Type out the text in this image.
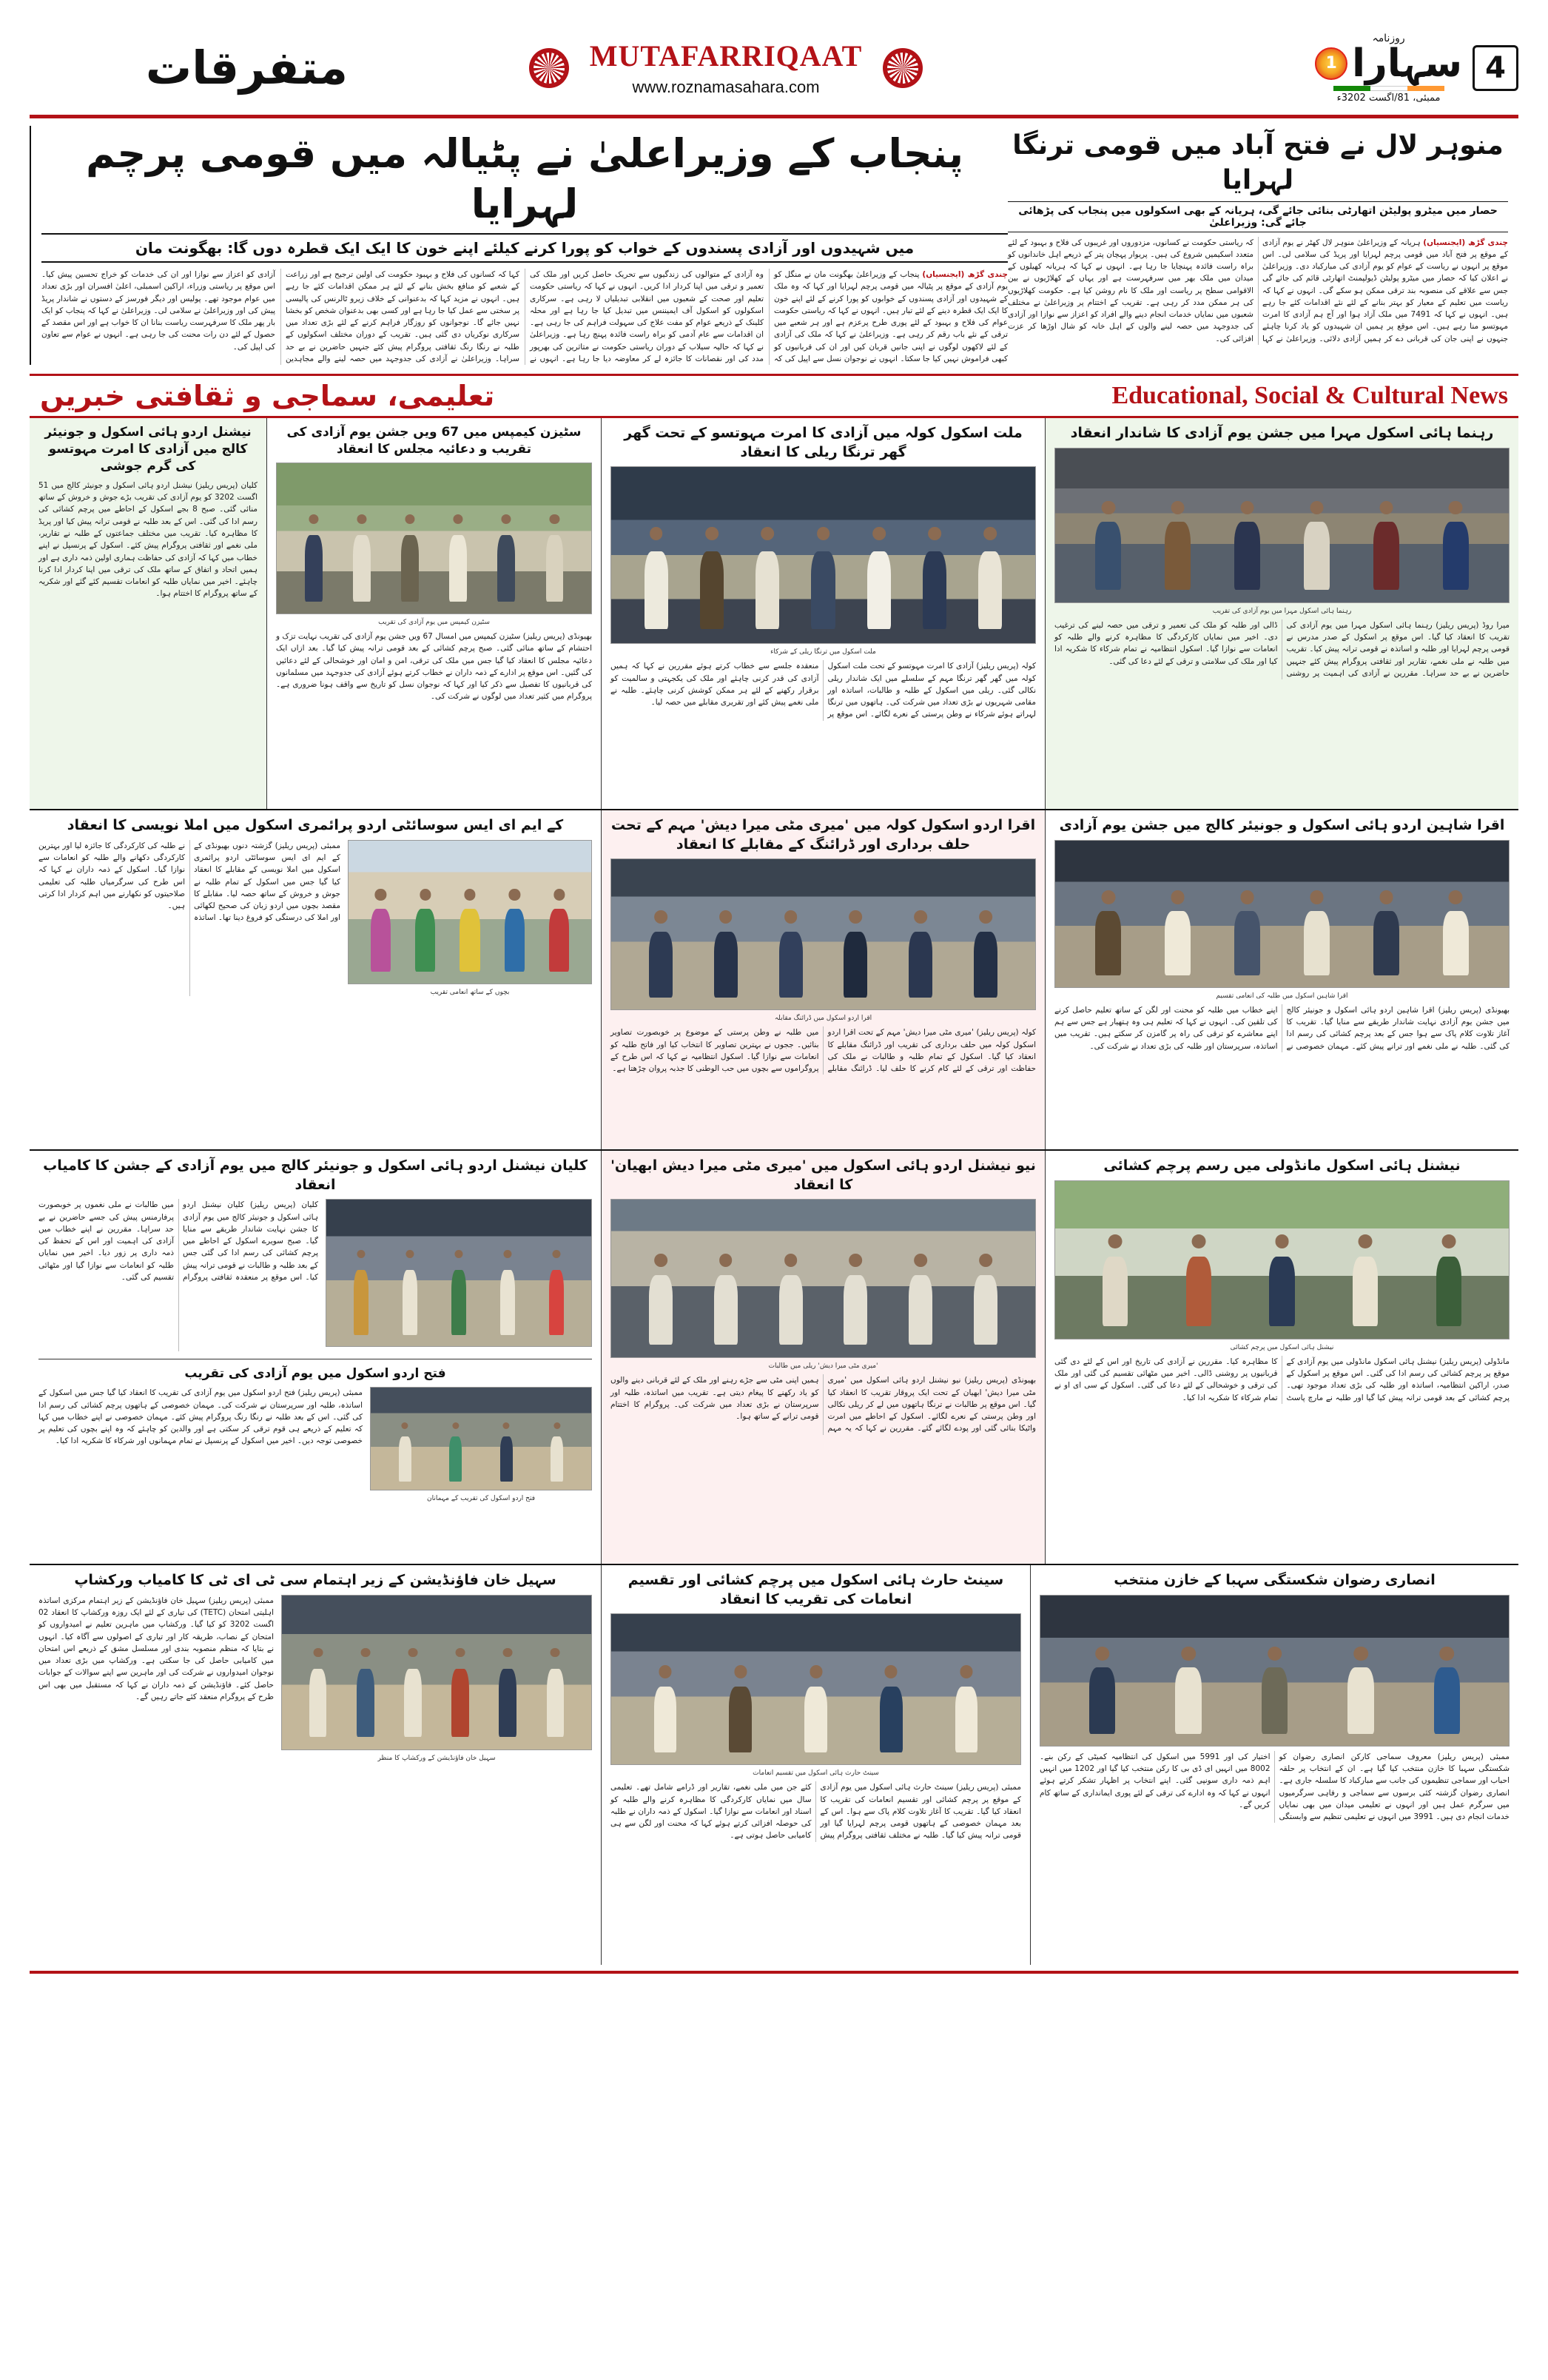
4
روزنامہ
سہارا
1
ممبئی، 18/اگست 2023ء
MUTAFARRIQAAT
www.roznamasahara.com
متفرقات
منوہر لال نے فتح آباد میں قومی ترنگا لہرایا
حصار میں میٹرو پولیٹن اتھارٹی بنائی جائے گی، ہریانہ کے بھی اسکولوں میں پنجاب کی پڑھائی جائے گی: وزیراعلیٰ
چندی گڑھ (ایجنسیاں) ہریانہ کے وزیراعلیٰ منوہر لال کھٹر نے یوم آزادی کے موقع پر فتح آباد میں قومی پرچم لہرایا اور پریڈ کی سلامی لی۔ اس موقع پر انہوں نے ریاست کے عوام کو یوم آزادی کی مبارکباد دی۔ وزیراعلیٰ نے اعلان کیا کہ حصار میں میٹرو پولیٹن ڈیولپمنٹ اتھارٹی قائم کی جائے گی جس سے علاقے کی منصوبہ بند ترقی ممکن ہو سکے گی۔ انہوں نے کہا کہ ریاست میں تعلیم کے معیار کو بہتر بنانے کے لئے نئے اقدامات کئے جا رہے ہیں۔ انہوں نے کہا کہ 1947 میں ملک آزاد ہوا اور آج ہم آزادی کا امرت مہوتسو منا رہے ہیں۔ اس موقع پر ہمیں ان شہیدوں کو یاد کرنا چاہئے جنہوں نے اپنی جان کی قربانی دے کر ہمیں آزادی دلائی۔ وزیراعلیٰ نے کہا کہ ریاستی حکومت نے کسانوں، مزدوروں اور غریبوں کی فلاح و بہبود کے لئے متعدد اسکیمیں شروع کی ہیں۔ پریوار پہچان پتر کے ذریعے اہل خاندانوں کو براہ راست فائدہ پہنچایا جا رہا ہے۔ انہوں نے کہا کہ ہریانہ کھیلوں کے میدان میں ملک بھر میں سرفہرست ہے اور یہاں کے کھلاڑیوں نے بین الاقوامی سطح پر ریاست اور ملک کا نام روشن کیا ہے۔ حکومت کھلاڑیوں کی ہر ممکن مدد کر رہی ہے۔ تقریب کے اختتام پر وزیراعلیٰ نے مختلف شعبوں میں نمایاں خدمات انجام دینے والے افراد کو اعزاز سے نوازا اور آزادی کی جدوجہد میں حصہ لینے والوں کے اہل خانہ کو شال اوڑھا کر عزت افزائی کی۔
پنجاب کے وزیراعلیٰ نے پٹیالہ میں قومی پرچم لہرایا
میں شہیدوں اور آزادی پسندوں کے خواب کو پورا کرنے کیلئے اپنے خون کا ایک ایک قطرہ دوں گا: بھگونت مان
چندی گڑھ (ایجنسیاں) پنجاب کے وزیراعلیٰ بھگونت مان نے منگل کو یوم آزادی کے موقع پر پٹیالہ میں قومی پرچم لہرایا اور کہا کہ وہ ملک کے شہیدوں اور آزادی پسندوں کے خوابوں کو پورا کرنے کے لئے اپنے خون کا ایک ایک قطرہ دینے کے لئے تیار ہیں۔ انہوں نے کہا کہ ریاستی حکومت عوام کی فلاح و بہبود کے لئے پوری طرح پرعزم ہے اور ہر شعبے میں ترقی کے نئے باب رقم کر رہی ہے۔ وزیراعلیٰ نے کہا کہ ملک کی آزادی کے لئے لاکھوں لوگوں نے اپنی جانیں قربان کیں اور ان کی قربانیوں کو کبھی فراموش نہیں کیا جا سکتا۔ انہوں نے نوجوان نسل سے اپیل کی کہ وہ آزادی کے متوالوں کی زندگیوں سے تحریک حاصل کریں اور ملک کی تعمیر و ترقی میں اپنا کردار ادا کریں۔ انہوں نے کہا کہ ریاستی حکومت تعلیم اور صحت کے شعبوں میں انقلابی تبدیلیاں لا رہی ہے۔ سرکاری اسکولوں کو اسکول آف ایمیننس میں تبدیل کیا جا رہا ہے اور محلہ کلینک کے ذریعے عوام کو مفت علاج کی سہولت فراہم کی جا رہی ہے۔ ان اقدامات سے عام آدمی کو براہ راست فائدہ پہنچ رہا ہے۔ وزیراعلیٰ نے کہا کہ حالیہ سیلاب کے دوران ریاستی حکومت نے متاثرین کی بھرپور مدد کی اور نقصانات کا جائزہ لے کر معاوضہ دیا جا رہا ہے۔ انہوں نے کہا کہ کسانوں کی فلاح و بہبود حکومت کی اولین ترجیح ہے اور زراعت کے شعبے کو منافع بخش بنانے کے لئے ہر ممکن اقدامات کئے جا رہے ہیں۔ انہوں نے مزید کہا کہ بدعنوانی کے خلاف زیرو ٹالرنس کی پالیسی پر سختی سے عمل کیا جا رہا ہے اور کسی بھی بدعنوان شخص کو بخشا نہیں جائے گا۔ نوجوانوں کو روزگار فراہم کرنے کے لئے بڑی تعداد میں سرکاری نوکریاں دی گئی ہیں۔ تقریب کے دوران مختلف اسکولوں کے طلبہ نے رنگا رنگ ثقافتی پروگرام پیش کئے جنہیں حاضرین نے بے حد سراہا۔ وزیراعلیٰ نے آزادی کی جدوجہد میں حصہ لینے والے مجاہدین آزادی کو اعزاز سے نوازا اور ان کی خدمات کو خراج تحسین پیش کیا۔ اس موقع پر ریاستی وزراء، اراکین اسمبلی، اعلیٰ افسران اور بڑی تعداد میں عوام موجود تھے۔ پولیس اور دیگر فورسز کے دستوں نے شاندار پریڈ پیش کی اور وزیراعلیٰ نے سلامی لی۔ وزیراعلیٰ نے کہا کہ پنجاب کو ایک بار پھر ملک کا سرفہرست ریاست بنانا ان کا خواب ہے اور اس مقصد کے حصول کے لئے دن رات محنت کی جا رہی ہے۔ انہوں نے عوام سے تعاون کی اپیل کی۔
Educational, Social & Cultural News
تعلیمی، سماجی و ثقافتی خبریں
رہنما ہائی اسکول مہرا میں جشن یوم آزادی کا شاندار انعقاد
رہنما ہائی اسکول مہرا میں یوم آزادی کی تقریب
میرا روڈ (پریس ریلیز) رہنما ہائی اسکول مہرا میں یوم آزادی کی تقریب کا انعقاد کیا گیا۔ اس موقع پر اسکول کے صدر مدرس نے قومی پرچم لہرایا اور طلبہ و اساتذہ نے قومی ترانہ پیش کیا۔ تقریب میں طلبہ نے ملی نغمے، تقاریر اور ثقافتی پروگرام پیش کئے جنہیں حاضرین نے بے حد سراہا۔ مقررین نے آزادی کی اہمیت پر روشنی ڈالی اور طلبہ کو ملک کی تعمیر و ترقی میں حصہ لینے کی ترغیب دی۔ اخیر میں نمایاں کارکردگی کا مظاہرہ کرنے والے طلبہ کو انعامات سے نوازا گیا۔ اسکول انتظامیہ نے تمام شرکاء کا شکریہ ادا کیا اور ملک کی سلامتی و ترقی کے لئے دعا کی گئی۔
ملت اسکول کولہ میں آزادی کا امرت مہوتسو کے تحت گھر گھر ترنگا ریلی کا انعقاد
ملت اسکول میں ترنگا ریلی کے شرکاء
کولہ (پریس ریلیز) آزادی کا امرت مہوتسو کے تحت ملت اسکول کولہ میں گھر گھر ترنگا مہم کے سلسلے میں ایک شاندار ریلی نکالی گئی۔ ریلی میں اسکول کے طلبہ و طالبات، اساتذہ اور مقامی شہریوں نے بڑی تعداد میں شرکت کی۔ ہاتھوں میں ترنگا لہراتے ہوئے شرکاء نے وطن پرستی کے نعرے لگائے۔ اس موقع پر منعقدہ جلسے سے خطاب کرتے ہوئے مقررین نے کہا کہ ہمیں آزادی کی قدر کرنی چاہئے اور ملک کی یکجہتی و سالمیت کو برقرار رکھنے کے لئے ہر ممکن کوشش کرنی چاہئے۔ طلبہ نے ملی نغمے پیش کئے اور تقریری مقابلے میں حصہ لیا۔
سٹیزن کیمپس میں 76 ویں جشن یوم آزادی کی تقریب و دعائیہ مجلس کا انعقاد
سٹیزن کیمپس میں یوم آزادی کی تقریب
بھیونڈی (پریس ریلیز) سٹیزن کیمپس میں امسال 76 ویں جشن یوم آزادی کی تقریب نہایت تزک و احتشام کے ساتھ منائی گئی۔ صبح پرچم کشائی کے بعد قومی ترانہ پیش کیا گیا۔ بعد ازاں ایک دعائیہ مجلس کا انعقاد کیا گیا جس میں ملک کی ترقی، امن و امان اور خوشحالی کے لئے دعائیں کی گئیں۔ اس موقع پر ادارے کے ذمہ داران نے خطاب کرتے ہوئے آزادی کی جدوجہد میں مسلمانوں کی قربانیوں کا تفصیل سے ذکر کیا اور کہا کہ نوجوان نسل کو تاریخ سے واقف ہونا ضروری ہے۔ پروگرام میں کثیر تعداد میں لوگوں نے شرکت کی۔
نیشنل اردو ہائی اسکول و جونیئر کالج میں آزادی کا امرت مہوتسو کی گرم جوشی
کلیان (پریس ریلیز) نیشنل اردو ہائی اسکول و جونیئر کالج میں 15 اگست 2023 کو یوم آزادی کی تقریب بڑے جوش و خروش کے ساتھ منائی گئی۔ صبح 8 بجے اسکول کے احاطے میں پرچم کشائی کی رسم ادا کی گئی۔ اس کے بعد طلبہ نے قومی ترانہ پیش کیا اور پریڈ کا مظاہرہ کیا۔ تقریب میں مختلف جماعتوں کے طلبہ نے تقاریر، ملی نغمے اور ثقافتی پروگرام پیش کئے۔ اسکول کے پرنسپل نے اپنے خطاب میں کہا کہ آزادی کی حفاظت ہماری اولین ذمہ داری ہے اور ہمیں اتحاد و اتفاق کے ساتھ ملک کی ترقی میں اپنا کردار ادا کرنا چاہئے۔ اخیر میں نمایاں طلبہ کو انعامات تقسیم کئے گئے اور شکریہ کے ساتھ پروگرام کا اختتام ہوا۔
اقرا شاہین اردو ہائی اسکول و جونیئر کالج میں جشن یوم آزادی
اقرا شاہین اسکول میں طلبہ کی انعامی تقسیم
بھیونڈی (پریس ریلیز) اقرا شاہین اردو ہائی اسکول و جونیئر کالج میں جشن یوم آزادی نہایت شاندار طریقے سے منایا گیا۔ تقریب کا آغاز تلاوت کلام پاک سے ہوا جس کے بعد پرچم کشائی کی رسم ادا کی گئی۔ طلبہ نے ملی نغمے اور ترانے پیش کئے۔ مہمان خصوصی نے اپنے خطاب میں طلبہ کو محنت اور لگن کے ساتھ تعلیم حاصل کرنے کی تلقین کی۔ انہوں نے کہا کہ تعلیم ہی وہ ہتھیار ہے جس سے ہم اپنے معاشرے کو ترقی کی راہ پر گامزن کر سکتے ہیں۔ تقریب میں اساتذہ، سرپرستان اور طلبہ کی بڑی تعداد نے شرکت کی۔
اقرا اردو اسکول کولہ میں 'میری مٹی میرا دیش' مہم کے تحت حلف برداری اور ڈرائنگ کے مقابلے کا انعقاد
اقرا اردو اسکول میں ڈرائنگ مقابلہ
کولہ (پریس ریلیز) 'میری مٹی میرا دیش' مہم کے تحت اقرا اردو اسکول کولہ میں حلف برداری کی تقریب اور ڈرائنگ مقابلے کا انعقاد کیا گیا۔ اسکول کے تمام طلبہ و طالبات نے ملک کی حفاظت اور ترقی کے لئے کام کرنے کا حلف لیا۔ ڈرائنگ مقابلے میں طلبہ نے وطن پرستی کے موضوع پر خوبصورت تصاویر بنائیں۔ ججوں نے بہترین تصاویر کا انتخاب کیا اور فاتح طلبہ کو انعامات سے نوازا گیا۔ اسکول انتظامیہ نے کہا کہ اس طرح کے پروگراموں سے بچوں میں حب الوطنی کا جذبہ پروان چڑھتا ہے۔
کے ایم ای ایس سوسائٹی اردو پرائمری اسکول میں املا نویسی کا انعقاد
بچوں کے ساتھ انعامی تقریب
ممبئی (پریس ریلیز) گزشتہ دنوں بھیونڈی کے کے ایم ای ایس سوسائٹی اردو پرائمری اسکول میں املا نویسی کے مقابلے کا انعقاد کیا گیا جس میں اسکول کے تمام طلبہ نے جوش و خروش کے ساتھ حصہ لیا۔ مقابلے کا مقصد بچوں میں اردو زبان کی صحیح لکھائی اور املا کی درستگی کو فروغ دینا تھا۔ اساتذہ نے طلبہ کی کارکردگی کا جائزہ لیا اور بہترین کارکردگی دکھانے والے طلبہ کو انعامات سے نوازا گیا۔ اسکول کے ذمہ داران نے کہا کہ اس طرح کی سرگرمیاں طلبہ کی تعلیمی صلاحیتوں کو نکھارنے میں اہم کردار ادا کرتی ہیں۔
نیشنل ہائی اسکول مانڈولی میں رسم پرچم کشائی
نیشنل ہائی اسکول میں پرچم کشائی
مانڈولی (پریس ریلیز) نیشنل ہائی اسکول مانڈولی میں یوم آزادی کے موقع پر پرچم کشائی کی رسم ادا کی گئی۔ اس موقع پر اسکول کے صدر، اراکین انتظامیہ، اساتذہ اور طلبہ کی بڑی تعداد موجود تھی۔ پرچم کشائی کے بعد قومی ترانہ پیش کیا گیا اور طلبہ نے مارچ پاسٹ کا مظاہرہ کیا۔ مقررین نے آزادی کی تاریخ اور اس کے لئے دی گئی قربانیوں پر روشنی ڈالی۔ اخیر میں مٹھائی تقسیم کی گئی اور ملک کی ترقی و خوشحالی کے لئے دعا کی گئی۔ اسکول کے سی ای او نے تمام شرکاء کا شکریہ ادا کیا۔
نیو نیشنل اردو ہائی اسکول میں 'میری مٹی میرا دیش ابھیان' کا انعقاد
'میری مٹی میرا دیش' ریلی میں طالبات
بھیونڈی (پریس ریلیز) نیو نیشنل اردو ہائی اسکول میں 'میری مٹی میرا دیش' ابھیان کے تحت ایک پروقار تقریب کا انعقاد کیا گیا۔ اس موقع پر طالبات نے ترنگا ہاتھوں میں لے کر ریلی نکالی اور وطن پرستی کے نعرے لگائے۔ اسکول کے احاطے میں امرت واٹیکا بنائی گئی اور پودے لگائے گئے۔ مقررین نے کہا کہ یہ مہم ہمیں اپنی مٹی سے جڑے رہنے اور ملک کے لئے قربانی دینے والوں کو یاد رکھنے کا پیغام دیتی ہے۔ تقریب میں اساتذہ، طلبہ اور سرپرستان نے بڑی تعداد میں شرکت کی۔ پروگرام کا اختتام قومی ترانے کے ساتھ ہوا۔
کلیان نیشنل اردو ہائی اسکول و جونیئر کالج میں یوم آزادی کے جشن کا کامیاب انعقاد
کلیان (پریس ریلیز) کلیان نیشنل اردو ہائی اسکول و جونیئر کالج میں یوم آزادی کا جشن نہایت شاندار طریقے سے منایا گیا۔ صبح سویرے اسکول کے احاطے میں پرچم کشائی کی رسم ادا کی گئی جس کے بعد طلبہ و طالبات نے قومی ترانہ پیش کیا۔ اس موقع پر منعقدہ ثقافتی پروگرام میں طالبات نے ملی نغموں پر خوبصورت پرفارمنس پیش کی جسے حاضرین نے بے حد سراہا۔ مقررین نے اپنے خطاب میں آزادی کی اہمیت اور اس کے تحفظ کی ذمہ داری پر زور دیا۔ اخیر میں نمایاں طلبہ کو انعامات سے نوازا گیا اور مٹھائی تقسیم کی گئی۔
فتح اردو اسکول میں یوم آزادی کی تقریب
فتح اردو اسکول کی تقریب کے مہمانان
ممبئی (پریس ریلیز) فتح اردو اسکول میں یوم آزادی کی تقریب کا انعقاد کیا گیا جس میں اسکول کے اساتذہ، طلبہ اور سرپرستان نے شرکت کی۔ مہمان خصوصی کے ہاتھوں پرچم کشائی کی رسم ادا کی گئی۔ اس کے بعد طلبہ نے رنگا رنگ پروگرام پیش کئے۔ مہمان خصوصی نے اپنے خطاب میں کہا کہ تعلیم کے ذریعے ہی قوم ترقی کر سکتی ہے اور والدین کو چاہئے کہ وہ اپنے بچوں کی تعلیم پر خصوصی توجہ دیں۔ اخیر میں اسکول کے پرنسپل نے تمام مہمانوں اور شرکاء کا شکریہ ادا کیا۔
انصاری رضوان شکستگی سہبا کے خازن منتخب
ممبئی (پریس ریلیز) معروف سماجی کارکن انصاری رضوان کو شکستگی سہبا کا خازن منتخب کیا گیا ہے۔ ان کے انتخاب پر حلقہ احباب اور سماجی تنظیموں کی جانب سے مبارکباد کا سلسلہ جاری ہے۔ انصاری رضوان گزشتہ کئی برسوں سے سماجی و رفاہی سرگرمیوں میں سرگرم عمل ہیں اور انہوں نے تعلیمی میدان میں بھی نمایاں خدمات انجام دی ہیں۔ 1993 میں انہوں نے تعلیمی تنظیم سے وابستگی اختیار کی اور 1995 میں اسکول کی انتظامیہ کمیٹی کے رکن بنے۔ 2008 میں انہیں ای ڈی بی کا رکن منتخب کیا گیا اور 2021 میں انہیں اہم ذمہ داری سونپی گئی۔ اپنے انتخاب پر اظہار تشکر کرتے ہوئے انہوں نے کہا کہ وہ ادارے کی ترقی کے لئے پوری ایمانداری کے ساتھ کام کریں گے۔
سینٹ حارث ہائی اسکول میں پرچم کشائی اور تقسیم انعامات کی تقریب کا انعقاد
سینٹ حارث ہائی اسکول میں تقسیم انعامات
ممبئی (پریس ریلیز) سینٹ حارث ہائی اسکول میں یوم آزادی کے موقع پر پرچم کشائی اور تقسیم انعامات کی تقریب کا انعقاد کیا گیا۔ تقریب کا آغاز تلاوت کلام پاک سے ہوا۔ اس کے بعد مہمان خصوصی کے ہاتھوں قومی پرچم لہرایا گیا اور قومی ترانہ پیش کیا گیا۔ طلبہ نے مختلف ثقافتی پروگرام پیش کئے جن میں ملی نغمے، تقاریر اور ڈرامے شامل تھے۔ تعلیمی سال میں نمایاں کارکردگی کا مظاہرہ کرنے والے طلبہ کو اسناد اور انعامات سے نوازا گیا۔ اسکول کے ذمہ داران نے طلبہ کی حوصلہ افزائی کرتے ہوئے کہا کہ محنت اور لگن سے ہی کامیابی حاصل ہوتی ہے۔
سہیل خان فاؤنڈیشن کے زیر اہتمام سی ٹی ای ٹی کا کامیاب ورکشاپ
سہیل خان فاؤنڈیشن کے ورکشاپ کا منظر
ممبئی (پریس ریلیز) سہیل خان فاؤنڈیشن کے زیر اہتمام مرکزی اساتذہ اہلیتی امتحان (CTET) کی تیاری کے لئے ایک روزہ ورکشاپ کا انعقاد 20 اگست 2023 کو کیا گیا۔ ورکشاپ میں ماہرین تعلیم نے امیدواروں کو امتحان کے نصاب، طریقہ کار اور تیاری کے اصولوں سے آگاہ کیا۔ انہوں نے بتایا کہ منظم منصوبہ بندی اور مسلسل مشق کے ذریعے اس امتحان میں کامیابی حاصل کی جا سکتی ہے۔ ورکشاپ میں بڑی تعداد میں نوجوان امیدواروں نے شرکت کی اور ماہرین سے اپنے سوالات کے جوابات حاصل کئے۔ فاؤنڈیشن کے ذمہ داران نے کہا کہ مستقبل میں بھی اس طرح کے پروگرام منعقد کئے جاتے رہیں گے۔
